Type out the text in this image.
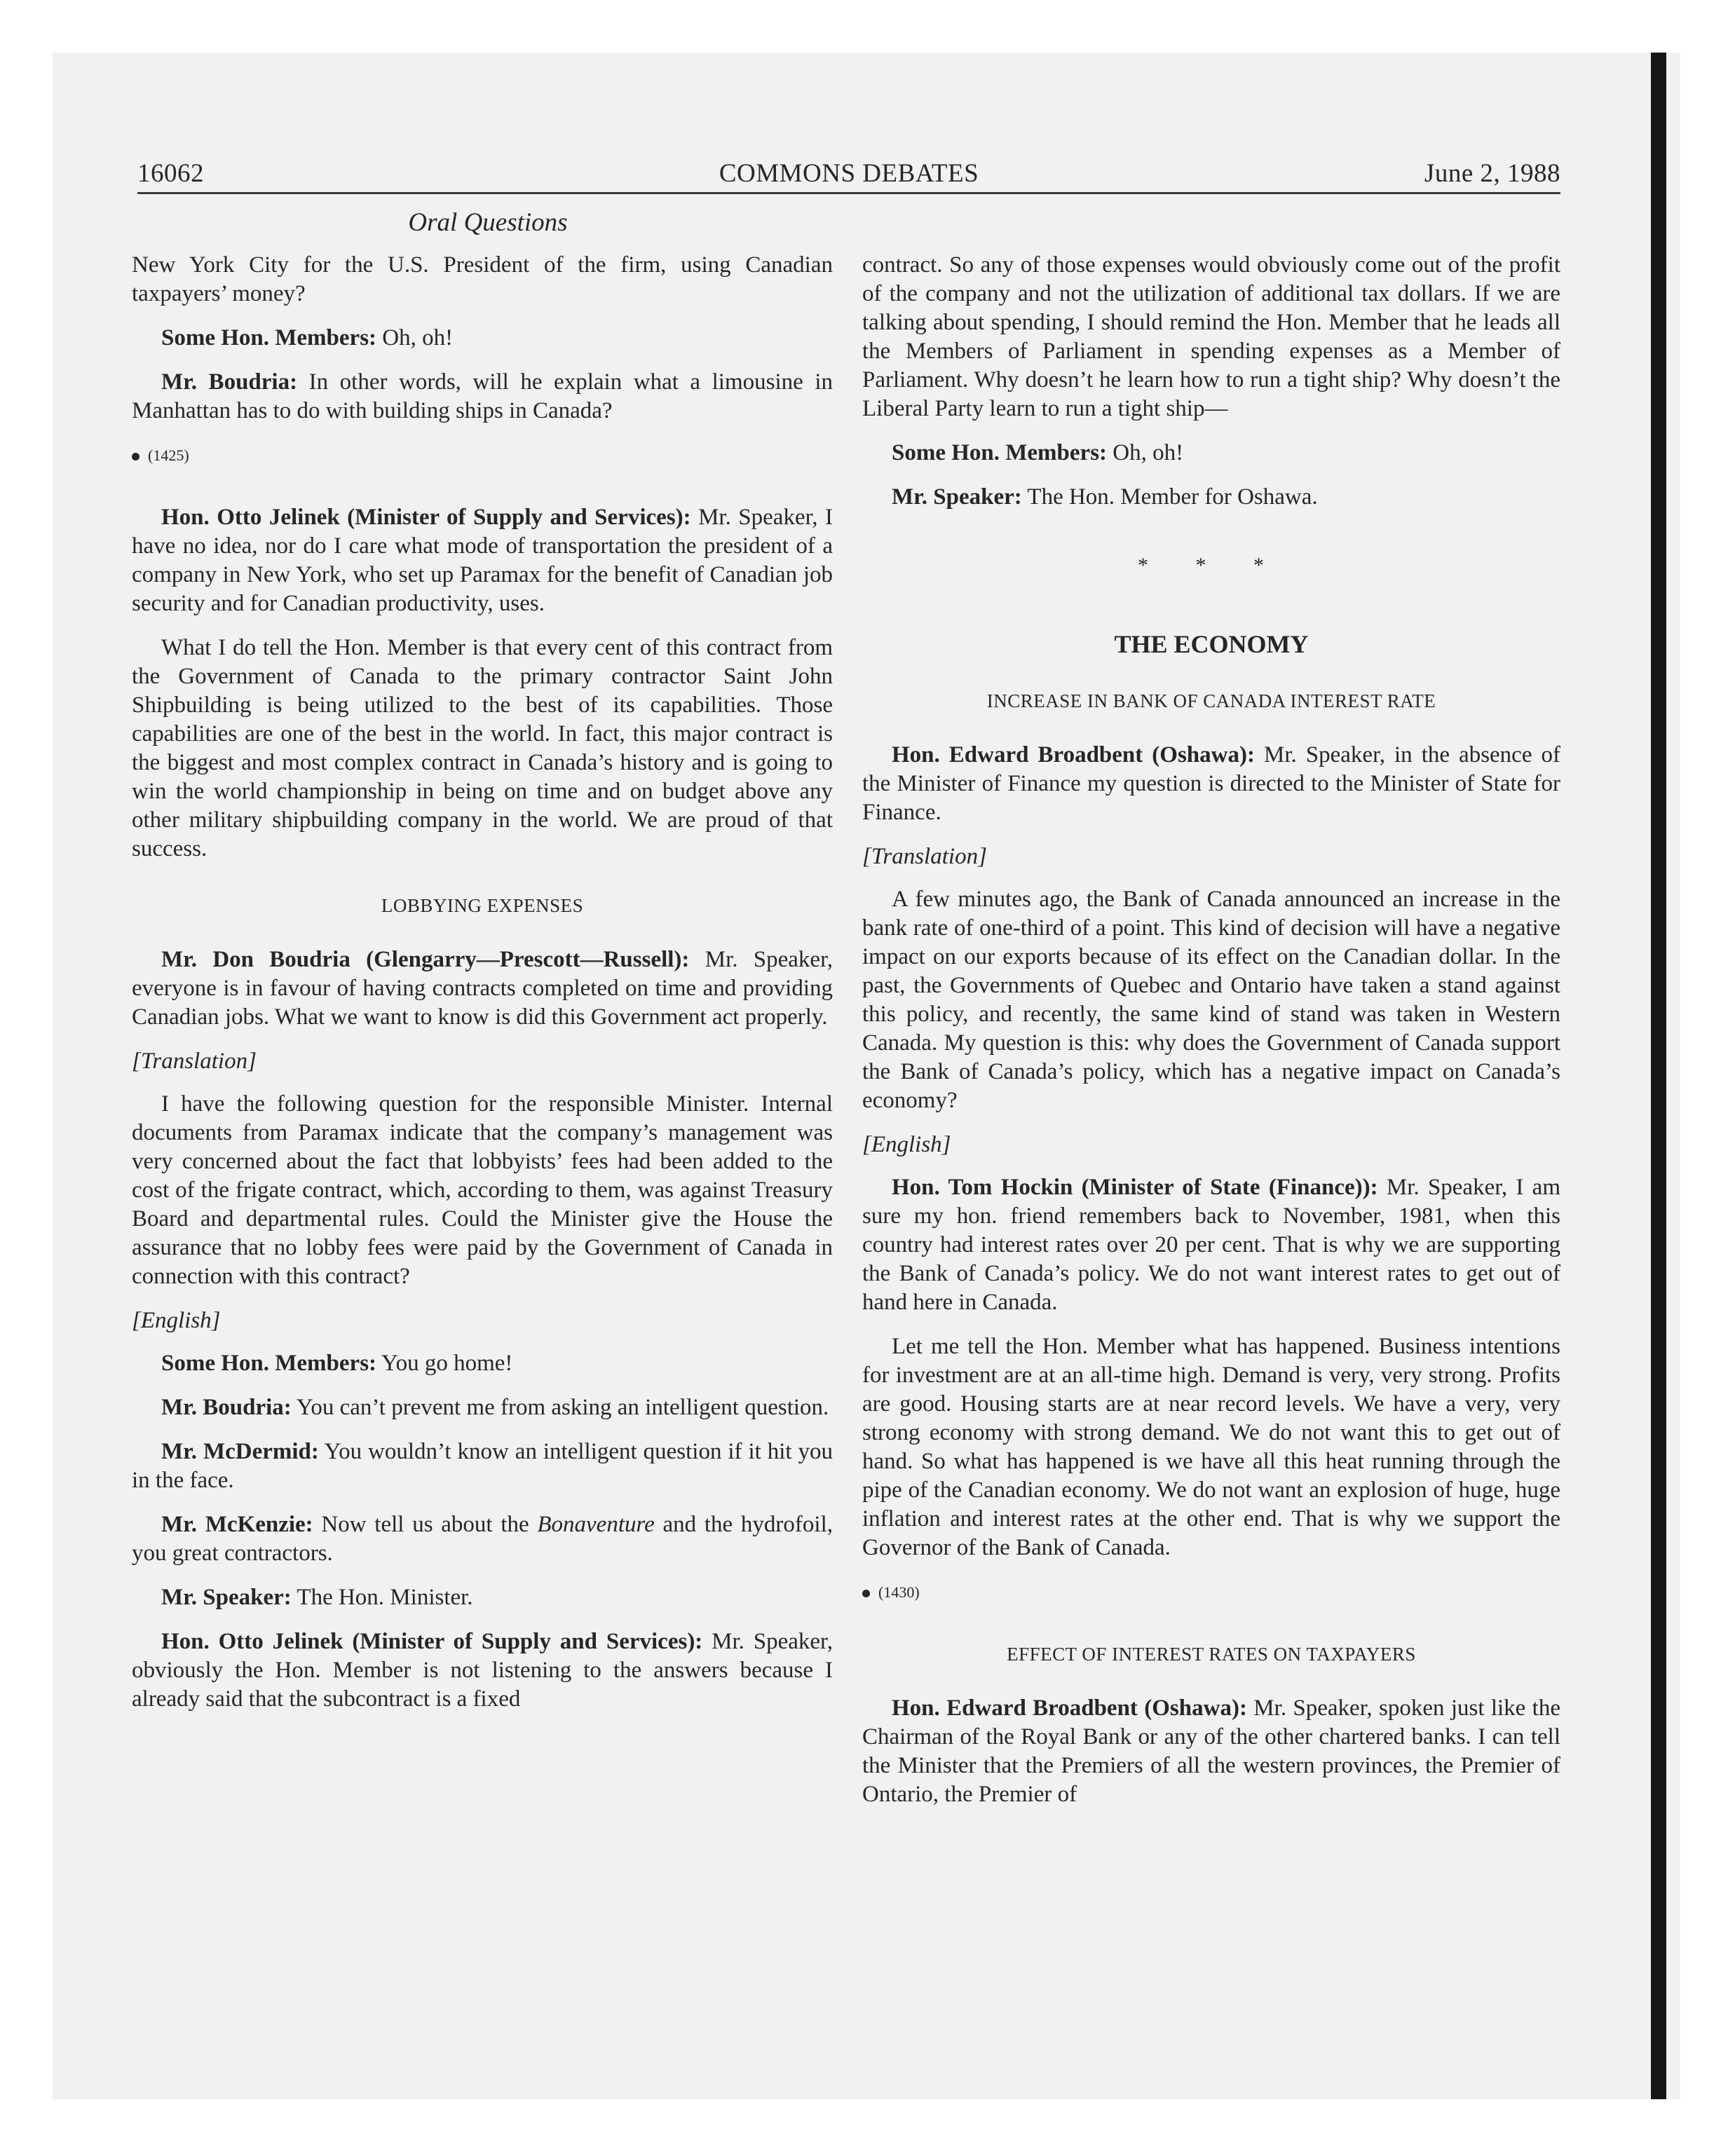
16062	COMMONS DEBATES	June 2, 1988
Oral Questions

New York City for the U.S. President of the firm, using Canadian taxpayers’ money?

Some Hon. Members: Oh, oh!

Mr. Boudria: In other words, will he explain what a limousine in Manhattan has to do with building ships in Canada?

(1425)

Hon. Otto Jelinek (Minister of Supply and Services): Mr. Speaker, I have no idea, nor do I care what mode of transportation the president of a company in New York, who set up Paramax for the benefit of Canadian job security and for Canadian productivity, uses.

What I do tell the Hon. Member is that every cent of this contract from the Government of Canada to the primary contractor Saint John Shipbuilding is being utilized to the best of its capabilities. Those capabilities are one of the best in the world. In fact, this major contract is the biggest and most complex contract in Canada’s history and is going to win the world championship in being on time and on budget above any other military shipbuilding company in the world. We are proud of that success.

LOBBYING EXPENSES

Mr. Don Boudria (Glengarry—Prescott—Russell): Mr. Speaker, everyone is in favour of having contracts completed on time and providing Canadian jobs. What we want to know is did this Government act properly.

[Translation]

I have the following question for the responsible Minister. Internal documents from Paramax indicate that the company’s management was very concerned about the fact that lobbyists’ fees had been added to the cost of the frigate contract, which, according to them, was against Treasury Board and departmental rules. Could the Minister give the House the assurance that no lobby fees were paid by the Government of Canada in connection with this contract?

[English]

Some Hon. Members: You go home!

Mr. Boudria: You can’t prevent me from asking an intelligent question.

Mr. McDermid: You wouldn’t know an intelligent question if it hit you in the face.

Mr. McKenzie: Now tell us about the Bonaventure and the hydrofoil, you great contractors.

Mr. Speaker: The Hon. Minister.

Hon. Otto Jelinek (Minister of Supply and Services): Mr. Speaker, obviously the Hon. Member is not listening to the answers because I already said that the subcontract is a fixed

contract. So any of those expenses would obviously come out of the profit of the company and not the utilization of additional tax dollars. If we are talking about spending, I should remind the Hon. Member that he leads all the Members of Parliament in spending expenses as a Member of Parliament. Why doesn’t he learn how to run a tight ship? Why doesn’t the Liberal Party learn to run a tight ship—

Some Hon. Members: Oh, oh!

Mr. Speaker: The Hon. Member for Oshawa.

* * *
THE ECONOMY
INCREASE IN BANK OF CANADA INTEREST RATE

Hon. Edward Broadbent (Oshawa): Mr. Speaker, in the absence of the Minister of Finance my question is directed to the Minister of State for Finance.

[Translation]

A few minutes ago, the Bank of Canada announced an increase in the bank rate of one-third of a point. This kind of decision will have a negative impact on our exports because of its effect on the Canadian dollar. In the past, the Governments of Quebec and Ontario have taken a stand against this policy, and recently, the same kind of stand was taken in Western Canada. My question is this: why does the Government of Canada support the Bank of Canada’s policy, which has a negative impact on Canada’s economy?

[English]

Hon. Tom Hockin (Minister of State (Finance)): Mr. Speaker, I am sure my hon. friend remembers back to November, 1981, when this country had interest rates over 20 per cent. That is why we are supporting the Bank of Canada’s policy. We do not want interest rates to get out of hand here in Canada.

Let me tell the Hon. Member what has happened. Business intentions for investment are at an all-time high. Demand is very, very strong. Profits are good. Housing starts are at near record levels. We have a very, very strong economy with strong demand. We do not want this to get out of hand. So what has happened is we have all this heat running through the pipe of the Canadian economy. We do not want an explosion of huge, huge inflation and interest rates at the other end. That is why we support the Governor of the Bank of Canada.

(1430)
EFFECT OF INTEREST RATES ON TAXPAYERS

Hon. Edward Broadbent (Oshawa): Mr. Speaker, spoken just like the Chairman of the Royal Bank or any of the other chartered banks. I can tell the Minister that the Premiers of all the western provinces, the Premier of Ontario, the Premier of
